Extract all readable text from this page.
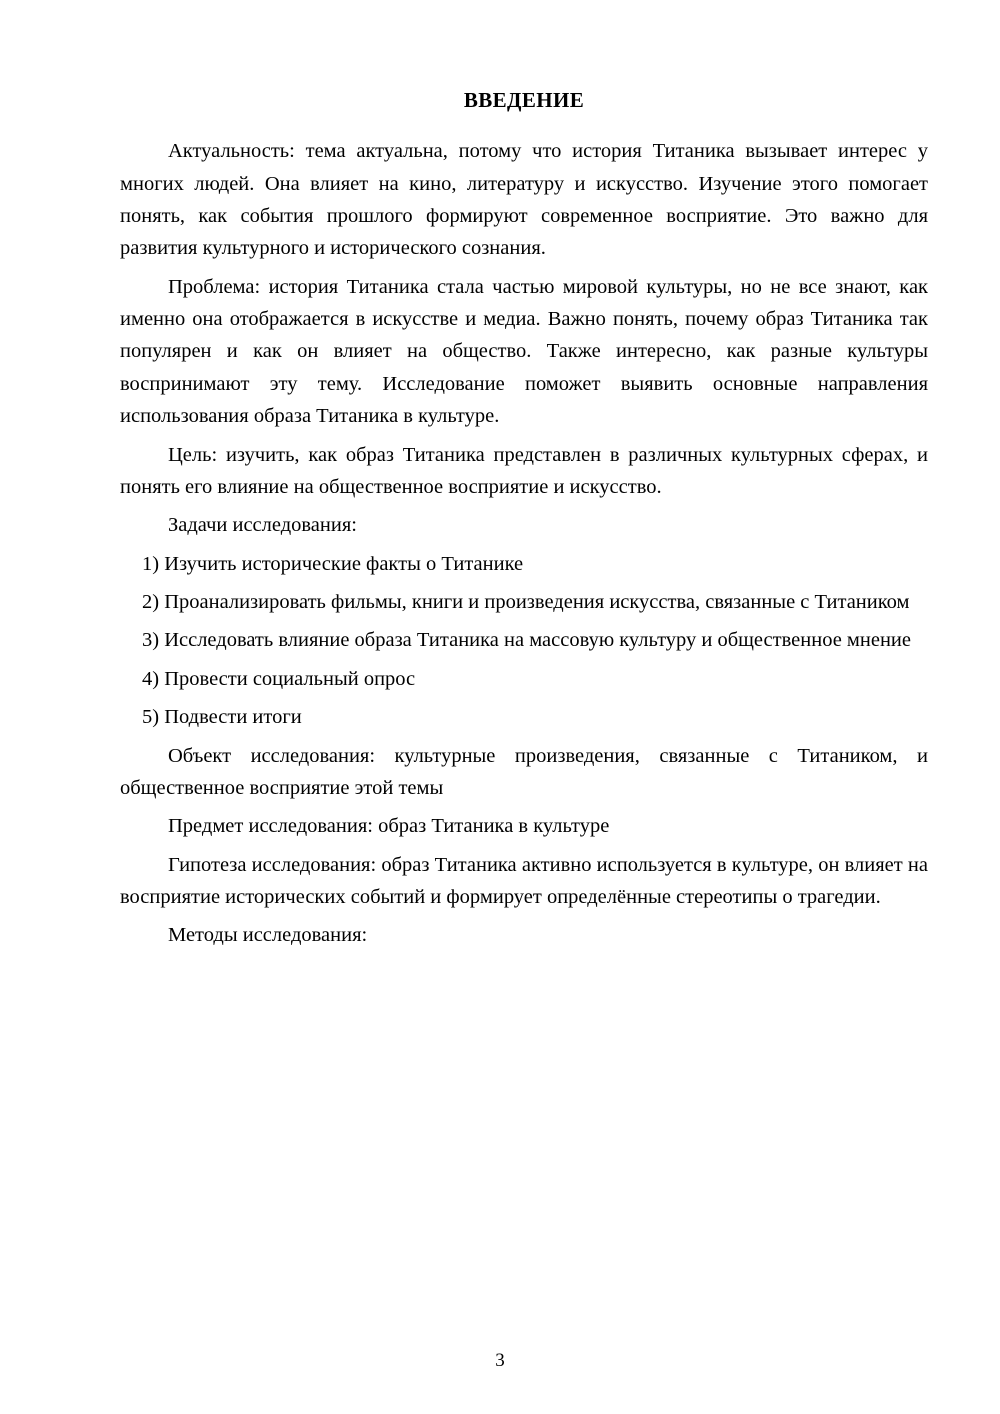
ВВЕДЕНИЕ

Актуальность: тема актуальна, потому что история Титаника вызывает интерес у многих людей. Она влияет на кино, литературу и искусство. Изучение этого помогает понять, как события прошлого формируют современное восприятие. Это важно для развития культурного и исторического сознания.

Проблема: история Титаника стала частью мировой культуры, но не все знают, как именно она отображается в искусстве и медиа. Важно понять, почему образ Титаника так популярен и как он влияет на общество. Также интересно, как разные культуры воспринимают эту тему. Исследование поможет выявить основные направления использования образа Титаника в культуре.

Цель: изучить, как образ Титаника представлен в различных культурных сферах, и понять его влияние на общественное восприятие и искусство.

Задачи исследования:

1) Изучить исторические факты о Титанике

2) Проанализировать фильмы, книги и произведения искусства, связанные с Титаником

3) Исследовать влияние образа Титаника на массовую культуру и общественное мнение

4) Провести социальный опрос

5) Подвести итоги

Объект исследования: культурные произведения, связанные с Титаником, и общественное восприятие этой темы

Предмет исследования: образ Титаника в культуре

Гипотеза исследования: образ Титаника активно используется в культуре, он влияет на восприятие исторических событий и формирует определённые стереотипы о трагедии.

Методы исследования:

3
